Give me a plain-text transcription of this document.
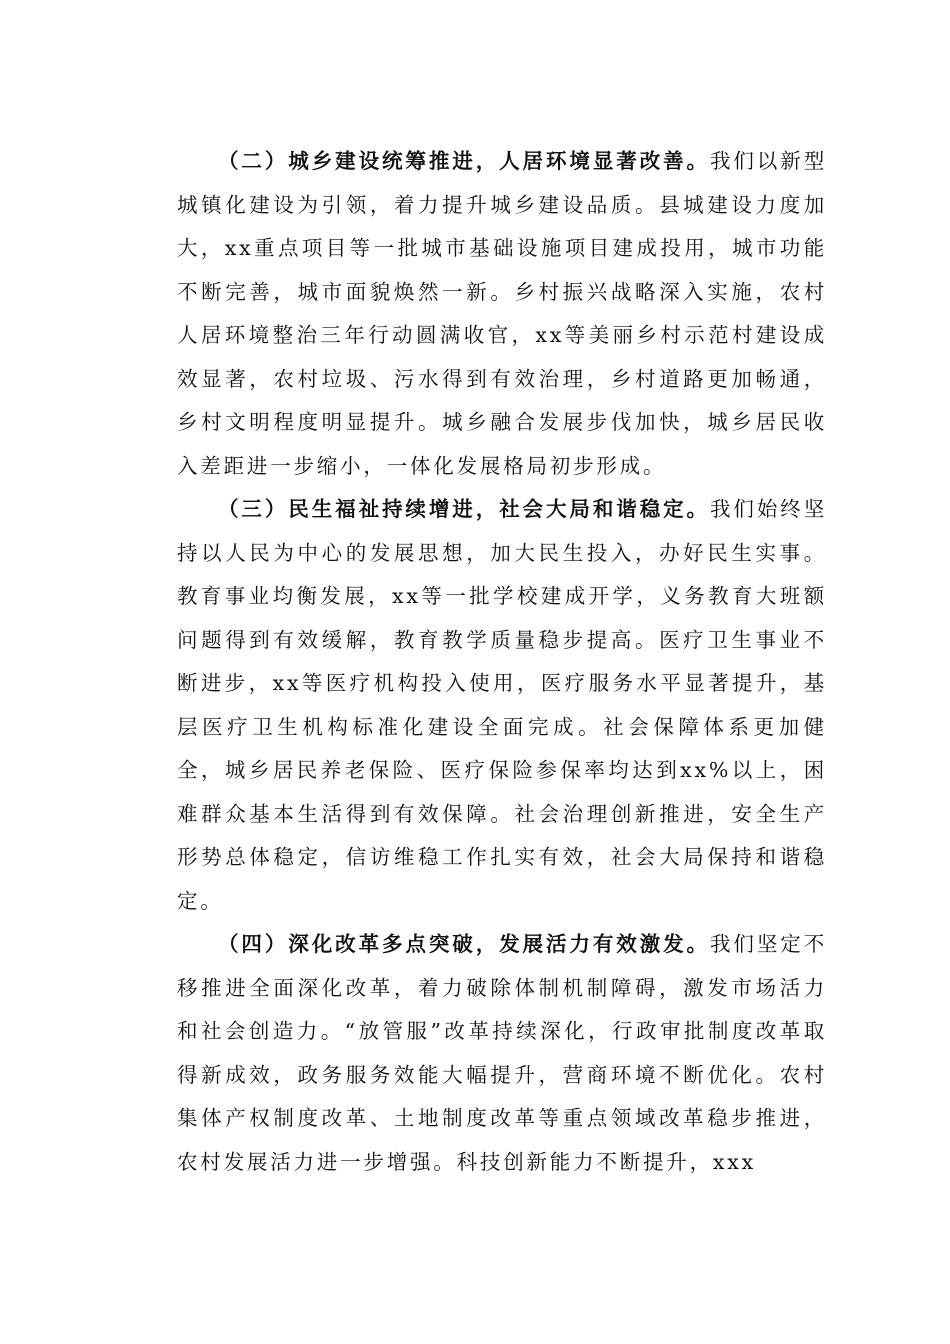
（二）城乡建设统筹推进，人居环境显著改善。我们以新型城镇化建设为引领，着力提升城乡建设品质。县城建设力度加大，xx重点项目等一批城市基础设施项目建成投用，城市功能不断完善，城市面貌焕然一新。乡村振兴战略深入实施，农村人居环境整治三年行动圆满收官，xx等美丽乡村示范村建设成效显著，农村垃圾、污水得到有效治理，乡村道路更加畅通，乡村文明程度明显提升。城乡融合发展步伐加快，城乡居民收入差距进一步缩小，一体化发展格局初步形成。

（三）民生福祉持续增进，社会大局和谐稳定。我们始终坚持以人民为中心的发展思想，加大民生投入，办好民生实事。教育事业均衡发展，xx等一批学校建成开学，义务教育大班额问题得到有效缓解，教育教学质量稳步提高。医疗卫生事业不断进步，xx等医疗机构投入使用，医疗服务水平显著提升，基层医疗卫生机构标准化建设全面完成。社会保障体系更加健全，城乡居民养老保险、医疗保险参保率均达到xx%以上，困难群众基本生活得到有效保障。社会治理创新推进，安全生产形势总体稳定，信访维稳工作扎实有效，社会大局保持和谐稳定。

（四）深化改革多点突破，发展活力有效激发。我们坚定不移推进全面深化改革，着力破除体制机制障碍，激发市场活力和社会创造力。“放管服”改革持续深化，行政审批制度改革取得新成效，政务服务效能大幅提升，营商环境不断优化。农村集体产权制度改革、土地制度改革等重点领域改革稳步推进，农村发展活力进一步增强。科技创新能力不断提升，xxx
